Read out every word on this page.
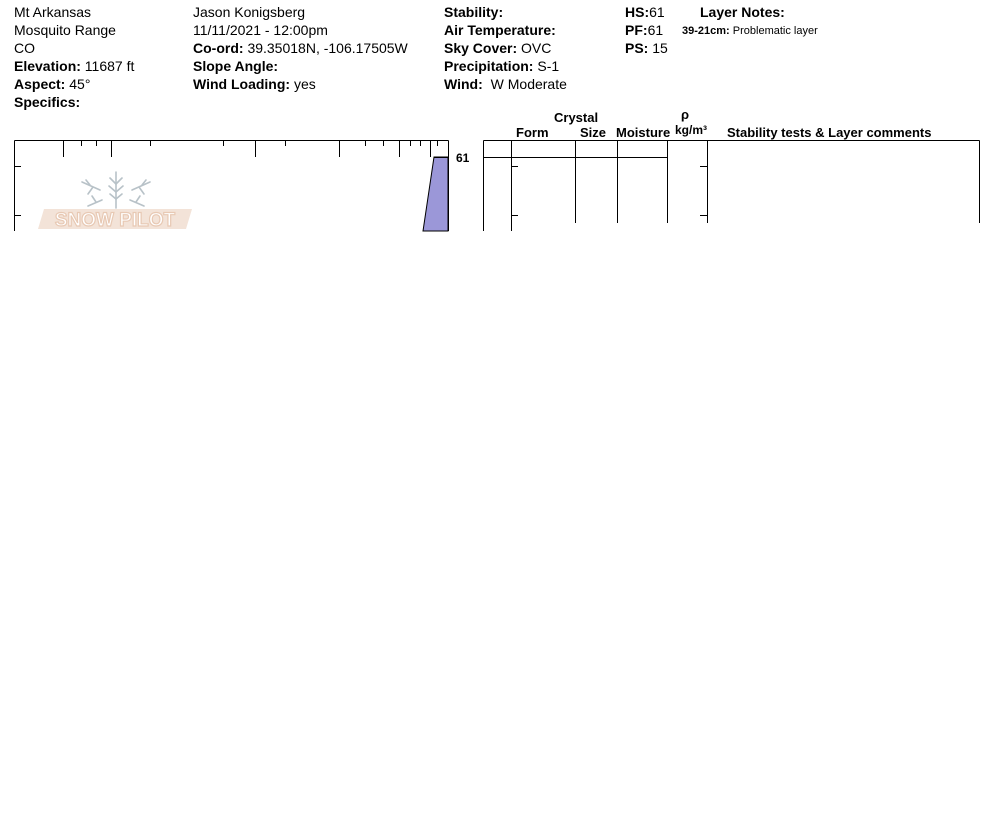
Mt Arkansas
Mosquito Range
CO
Elevation: 11687 ft
Aspect: 45°
Specifics:
Jason Konigsberg
11/11/2021 - 12:00pm
Co-ord: 39.35018N, -106.17505W
Slope Angle:
Wind Loading: yes
Stability:
Air Temperature:
Sky Cover: OVC
Precipitation: S-1
Wind: W Moderate
HS:61
PF:61
PS: 15
Layer Notes:
39-21cm: Problematic layer
Crystal
Form Size Moisture
ρ
kg/m³ Stability tests & Layer comments
61
SNOW PILOT
